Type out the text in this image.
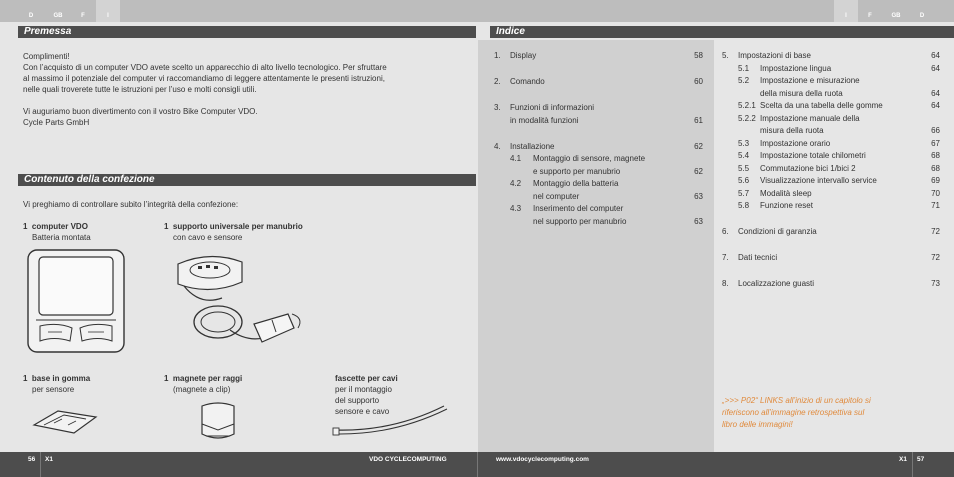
D	GB	F	I	I	F	GB	D
Premessa
Complimenti!
Con l’acquisto di un computer VDO avete scelto un apparecchio di alto livello tecnologico. Per sfruttare
al massimo il potenziale del computer vi raccomandiamo di leggere attentamente le presenti istruzioni,
nelle quali troverete tutte le istruzioni per l’uso e molti consigli utili.
Vi auguriamo buon divertimento con il vostro Bike Computer VDO.
Cycle Parts GmbH
Contenuto della confezione
Vi preghiamo di controllare subito l’integrità della confezione:
1 computer VDO
Batteria montata
1 supporto universale per manubrio
con cavo e sensore
1 base in gomma
per sensore
1 magnete per raggi
(magnete a clip)
fascette per cavi
per il montaggio
del supporto
sensore e cavo
Indice
1. Display	58
2. Comando	60
3. Funzioni di informazioni
in modalità funzioni	61
4. Installazione	62
4.1 Montaggio di sensore, magnete
e supporto per manubrio	62
4.2 Montaggio della batteria
nel computer	63
4.3 Inserimento del computer
nel supporto per manubrio	63
5. Impostazioni di base	64
5.1 Impostazione lingua	64
5.2 Impostazione e misurazione
della misura della ruota	64
5.2.1 Scelta da una tabella delle gomme	64
5.2.2 Impostazione manuale della
misura della ruota	66
5.3 Impostazione orario	67
5.4 Impostazione totale chilometri	68
5.5 Commutazione bici 1/bici 2	68
5.6 Visualizzazione intervallo service	69
5.7 Modalità sleep	70
5.8 Funzione reset	71
6. Condizioni di garanzia	72
7. Dati tecnici	72
8. Localizzazione guasti	73
„>>> P02“ LINKS all’inizio di un capitolo si
riferiscono all’immagine retrospettiva sul
libro delle immagini!
56 X1	VDO CYCLECOMPUTING	www.vdocyclecomputing.com	X1 57
